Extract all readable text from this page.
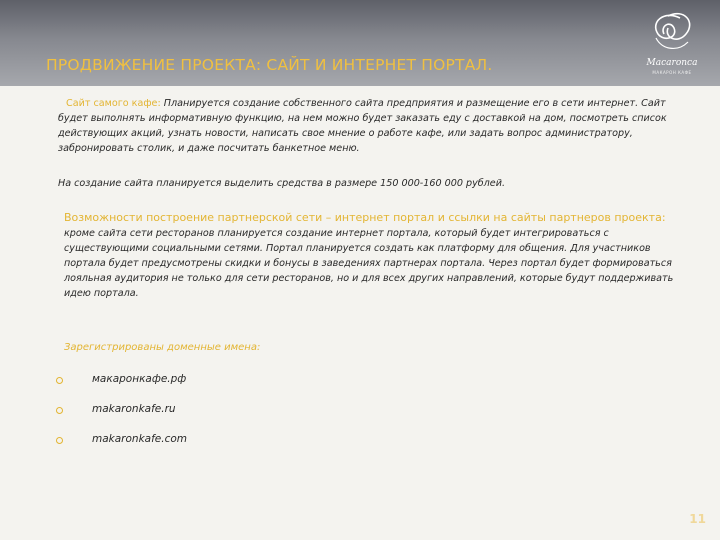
ПРОДВИЖЕНИЕ ПРОЕКТА: САЙТ И ИНТЕРНЕТ ПОРТАЛ.	Macaronca
МАКАРОН КАФЕ
Сайт самого кафе: Планируется создание собственного сайта предприятия и размещение его в сети интернет. Сайт будет выполнять информативную функцию, на нем можно будет заказать еду с доставкой на дом, посмотреть список действующих акций, узнать новости, написать свое мнение о работе кафе, или задать вопрос администратору, забронировать столик, и даже посчитать банкетное меню.
На создание сайта планируется выделить средства в размере 150 000-160 000 рублей.
Возможности построение партнерской сети – интернет портал и ссылки на сайты партнеров проекта: кроме сайта сети ресторанов планируется создание интернет портала, который будет интегрироваться с существующими социальными сетями. Портал планируется создать как платформу для общения. Для участников портала будет предусмотрены скидки и бонусы в заведениях партнерах портала. Через портал будет формироваться лояльная аудитория не только для сети ресторанов, но и для всех других направлений, которые будут поддерживать идею портала.
Зарегистрированы доменные имена:
макаронкафе.рф
makaronkafe.ru
makaronkafe.com
11
